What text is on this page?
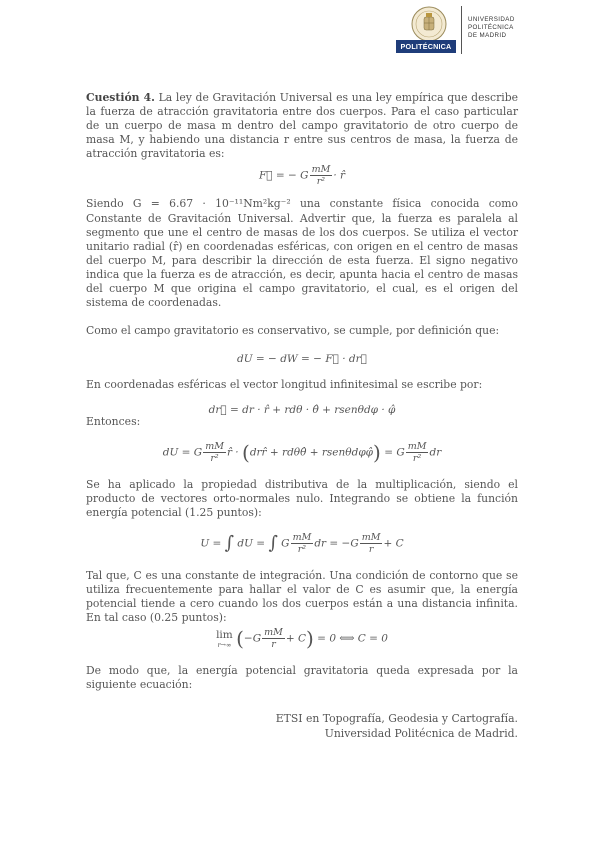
POLITÉCNICA
UNIVERSIDAD
POLITÉCNICA
DE MADRID

Cuestión 4. La ley de Gravitación Universal es una ley empírica que describe la fuerza de atracción gravitatoria entre dos cuerpos. Para el caso particular de un cuerpo de masa m dentro del campo gravitatorio de otro cuerpo de masa M, y habiendo una distancia r entre sus centros de masa, la fuerza de atracción gravitatoria es:

F⃗ = − G $\frac{mM}{\text{r²}}$ · r̂

Siendo G = 6.67 · 10⁻¹¹Nm²kg⁻² una constante física conocida como Constante de Gravitación Universal. Advertir que, la fuerza es paralela al segmento que une el centro de masas de los dos cuerpos. Se utiliza el vector unitario radial (r̂) en coordenadas esféricas, con origen en el centro de masas del cuerpo M, para describir la dirección de esta fuerza. El signo negativo indica que la fuerza es de atracción, es decir, apunta hacia el centro de masas del cuerpo M que origina el campo gravitatorio, el cual, es el origen del sistema de coordenadas.

Como el campo gravitatorio es conservativo, se cumple, por definición que:

dU = − dW = − F⃗ · dr⃗

En coordenadas esféricas el vector longitud infinitesimal se escribe por:

dr⃗ = dr · r̂ + rdθ · θ̂ + rsenθdφ · φ̂

Entonces:

dU = G $\frac{mM}{\text{r²}}$ r̂ · (drr̂ + rdθθ̂ + rsenθdφφ̂) = G $\frac{mM}{\text{r²}}$ dr

Se ha aplicado la propiedad distributiva de la multiplicación, siendo el producto de vectores orto-normales nulo. Integrando se obtiene la función energía potencial (1.25 puntos):

U = ∫ dU = ∫ G $\frac{mM}{\text{r²}}$ dr = $-G \frac{mM}{r} + C$

Tal que, C es una constante de integración. Una condición de contorno que se utiliza frecuentemente para hallar el valor de C es asumir que, la energía potencial tiende a cero cuando los dos cuerpos están a una distancia infinita. En tal caso (0.25 puntos):

lim
r→∞ $(-G \frac{mM}{r} + C) = 0$ ⟺ C = 0

De modo que, la energía potencial gravitatoria queda expresada por la siguiente ecuación:

ETSI en Topografía, Geodesia y Cartografía.
Universidad Politécnica de Madrid.
